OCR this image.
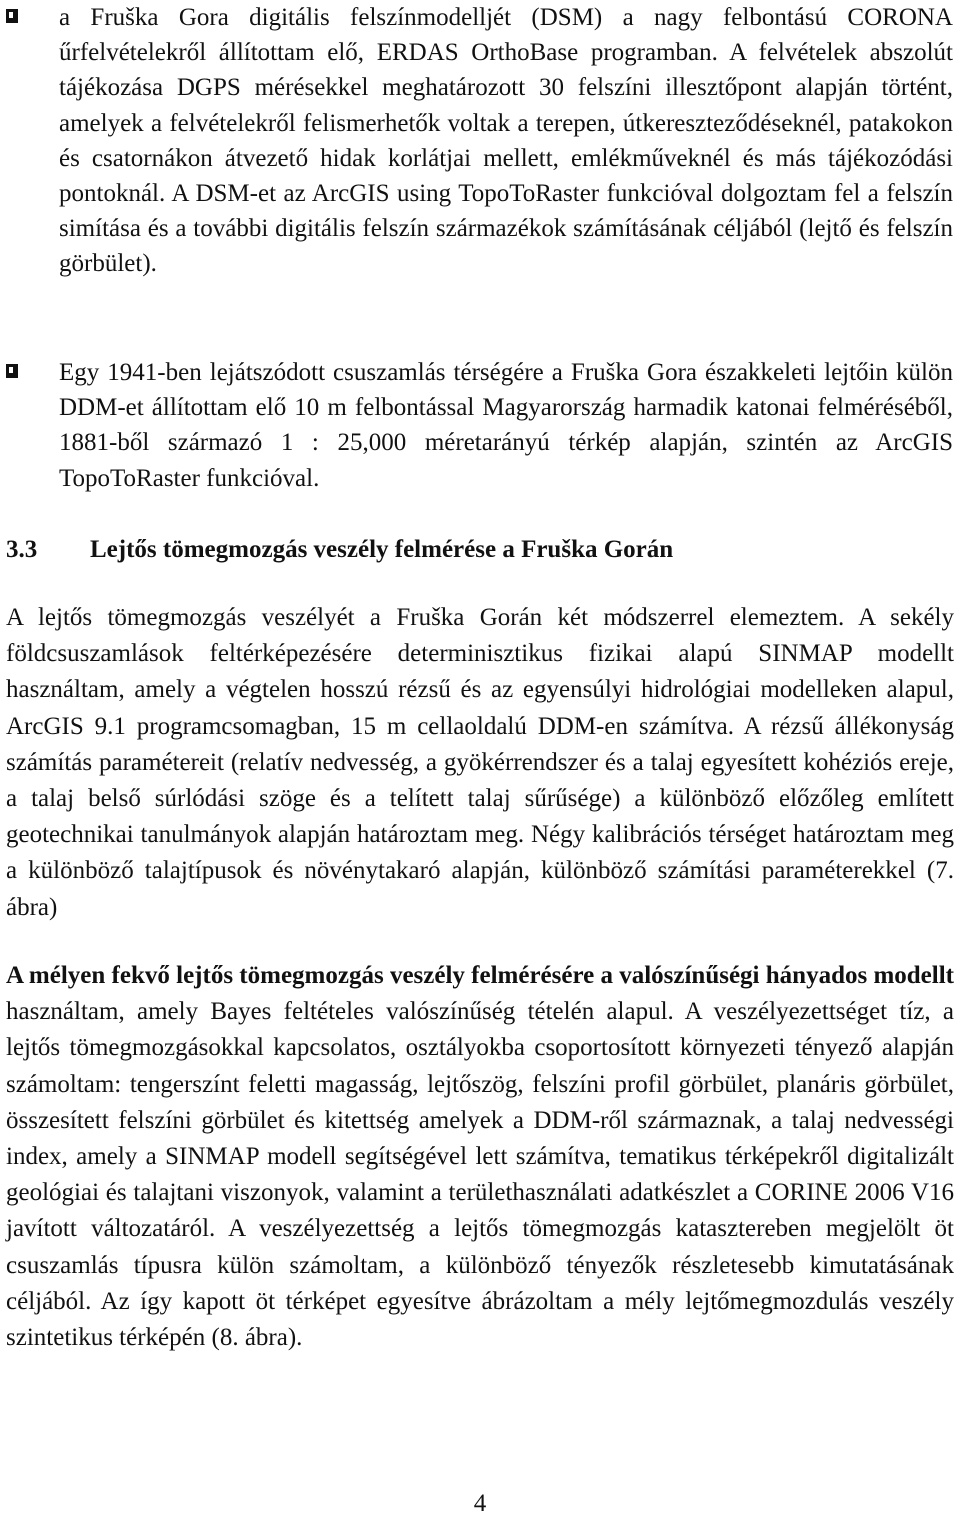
a Fruška Gora digitális felszínmodelljét (DSM) a nagy felbontású CORONA űrfelvételekről állítottam elő, ERDAS OrthoBase programban. A felvételek abszolút tájékozása DGPS mérésekkel meghatározott 30 felszíni illesztőpont alapján történt, amelyek a felvételekről felismerhetők voltak a terepen, útkereszteződéseknél, patakokon és csatornákon átvezető hidak korlátjai mellett, emlékműveknél és más tájékozódási pontoknál. A DSM-et az ArcGIS using TopoToRaster funkcióval dolgoztam fel a felszín simítása és a további digitális felszín származékok számításának céljából (lejtő és felszín görbület).
Egy 1941-ben lejátszódott csuszamlás térségére a Fruška Gora északkeleti lejtőin külön DDM-et állítottam elő 10 m felbontással Magyarország harmadik katonai felméréséből, 1881-ből származó 1 : 25,000 méretarányú térkép alapján, szintén az ArcGIS TopoToRaster funkcióval.
3.3 Lejtős tömegmozgás veszély felmérése a Fruška Gorán
A lejtős tömegmozgás veszélyét a Fruška Gorán két módszerrel elemeztem. A sekély földcsuszamlások feltérképezésére determinisztikus fizikai alapú SINMAP modellt használtam, amely a végtelen hosszú rézsű és az egyensúlyi hidrológiai modelleken alapul, ArcGIS 9.1 programcsomagban, 15 m cellaoldalú DDM-en számítva. A rézsű állékonyság számítás paramétereit (relatív nedvesség, a gyökérrendszer és a talaj egyesített kohéziós ereje, a talaj belső súrlódási szöge és a telített talaj sűrűsége) a különböző előzőleg említett geotechnikai tanulmányok alapján határoztam meg. Négy kalibrációs térséget határoztam meg a különböző talajtípusok és növénytakaró alapján, különböző számítási paraméterekkel (7. ábra)
A mélyen fekvő lejtős tömegmozgás veszély felmérésére a valószínűségi hányados modellt használtam, amely Bayes feltételes valószínűség tételén alapul. A veszélyezettséget tíz, a lejtős tömegmozgásokkal kapcsolatos, osztályokba csoportosított környezeti tényező alapján számoltam: tengerszínt feletti magasság, lejtőszög, felszíni profil görbület, planáris görbület, összesített felszíni görbület és kitettség amelyek a DDM-ről származnak, a talaj nedvességi index, amely a SINMAP modell segítségével lett számítva, tematikus térképekről digitalizált geológiai és talajtani viszonyok, valamint a területhasználati adatkészlet a CORINE 2006 V16 javított változatáról. A veszélyezettség a lejtős tömegmozgás katasztereben megjelölt öt csuszamlás típusra külön számoltam, a különböző tényezők részletesebb kimutatásának céljából. Az így kapott öt térképet egyesítve ábrázoltam a mély lejtőmegmozdulás veszély szintetikus térképén (8. ábra).
4
